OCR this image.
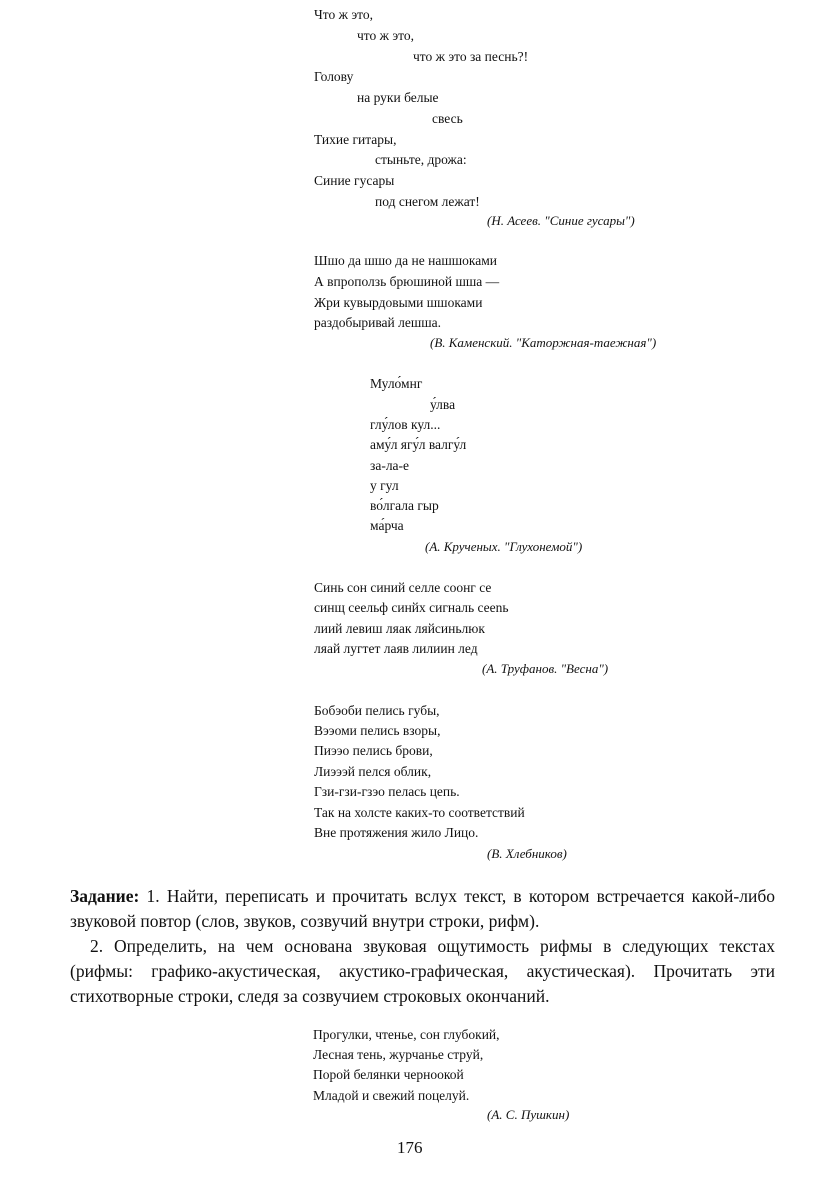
Что ж это,
что ж это,
что ж это за песнь?!
Голову
на руки белые
свесь
Тихие гитары,
стыньте, дрожа:
Синие гусары
под снегом лежат!
(Н. Асеев. "Синие гусары")
Шшо да шшо да не нашшоками
А впроползь брюшиной шша —
Жри кувырдовыми шшоками
раздобыривай лешша.
(В. Каменский. "Каторжная-таежная")
Муло́мнг
у́лва
глу́лов кул...
аму́л ягу́л валгу́л
за-ла-е
у гул
во́лгала гыр
ма́рча
(А. Крученых. "Глухонемой")
Синь сон синий селле соонг се
синщ сеельф синйх сигналь сееnь
лиий левиш ляак ляйсиньлюк
ляай лугтет лаяв лилиин лед
(А. Труфанов. "Весна")
Бобэоби пелись губы,
Вээоми пелись взоры,
Пиээо пелись брови,
Лиэээй пелся облик,
Гзи-гзи-гзэо пелась цепь.
Так на холсте каких-то соответствий
Вне протяжения жило Лицо.
(В. Хлебников)

Задание: 1. Найти, переписать и прочитать вслух текст, в котором встречается какой-либо звуковой повтор (слов, звуков, созвучий внутри строки, рифм).

2. Определить, на чем основана звуковая ощутимость рифмы в следующих текстах (рифмы: графико-акустическая, акустико-графическая, акустическая). Прочитать эти стихотворные строки, следя за созвучием строковых окончаний.

Прогулки, чтенье, сон глубокий,
Лесная тень, журчанье струй,
Порой белянки черноокой
Младой и свежий поцелуй.
(А. С. Пушкин)
176
